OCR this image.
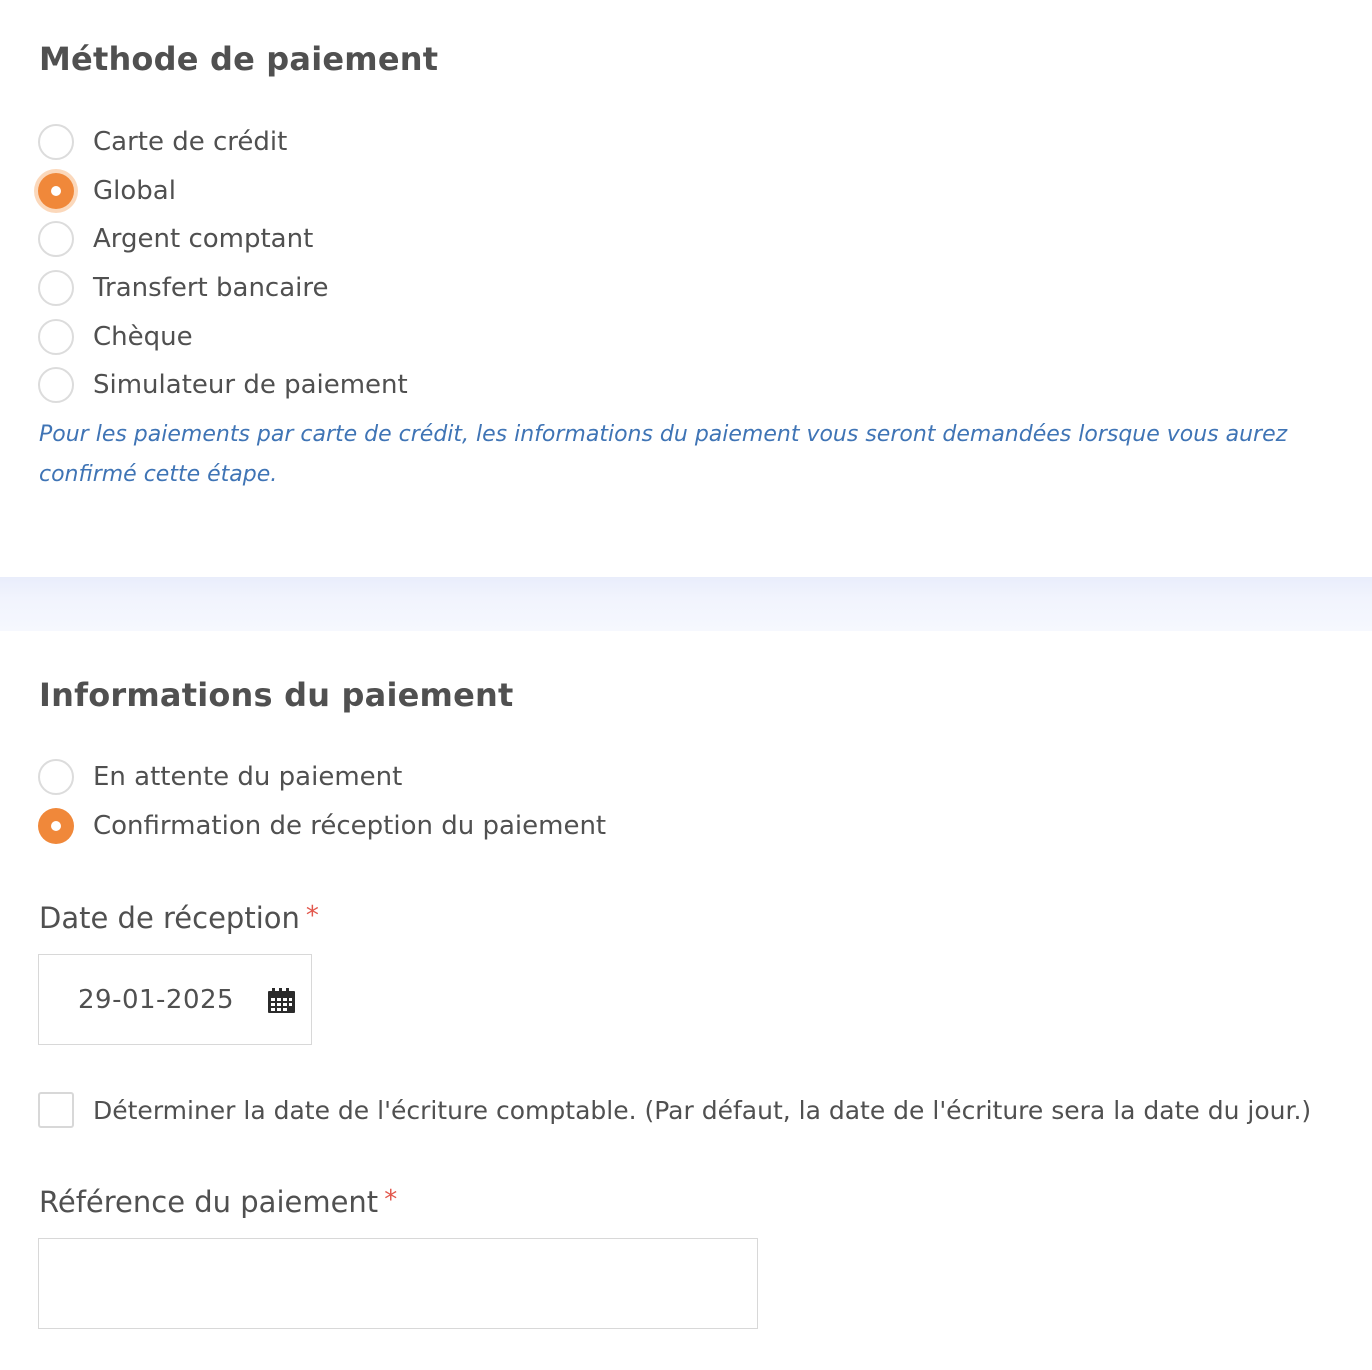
Méthode de paiement
Carte de crédit
Global
Argent comptant
Transfert bancaire
Chèque
Simulateur de paiement

Pour les paiements par carte de crédit, les informations du paiement vous seront demandées lorsque vous aurez confirmé cette étape.

Informations du paiement
En attente du paiement
Confirmation de réception du paiement
Date de réception *
29-01-2025
Déterminer la date de l'écriture comptable. (Par défaut, la date de l'écriture sera la date du jour.)
Référence du paiement *
